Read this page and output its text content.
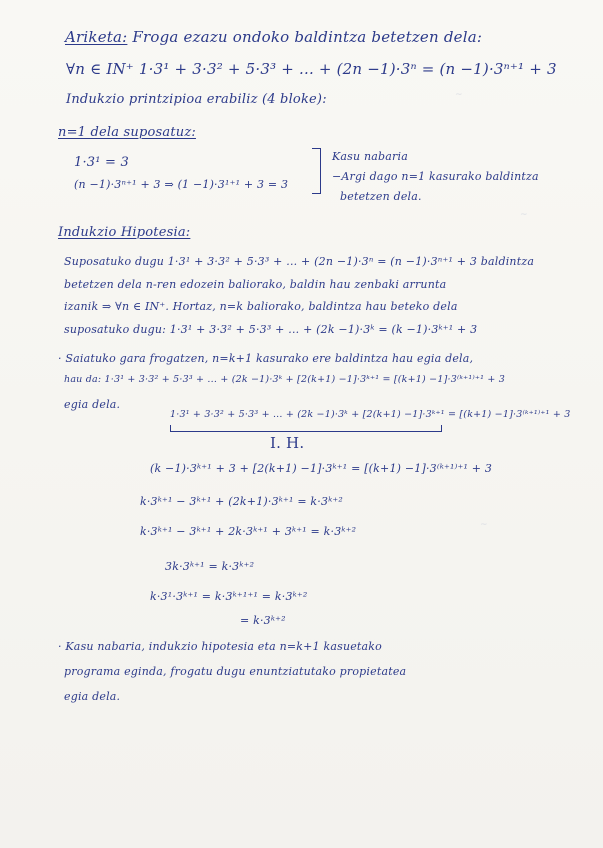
~
~
~
Ariketa: Froga ezazu ondoko baldintza betetzen dela:
∀n ∈ IN⁺ 1·3¹ + 3·3² + 5·3³ + ... + (2n −1)·3ⁿ = (n −1)·3ⁿ⁺¹ + 3
Indukzio printzipioa erabiliz (4 bloke):
n=1 dela suposatuz:
1·3¹ = 3
(n −1)·3ⁿ⁺¹ + 3 ⇒ (1 −1)·3¹⁺¹ + 3 = 3
Kasu nabaria
−Argi dago n=1 kasurako baldintza
betetzen dela.
Indukzio Hipotesia:
Suposatuko dugu 1·3¹ + 3·3² + 5·3³ + ... + (2n −1)·3ⁿ = (n −1)·3ⁿ⁺¹ + 3 baldintza
betetzen dela n-ren edozein baliorako, baldin hau zenbaki arrunta
izanik ⇒ ∀n ∈ IN⁺. Hortaz, n=k baliorako, baldintza hau beteko dela
suposatuko dugu: 1·3¹ + 3·3² + 5·3³ + ... + (2k −1)·3ᵏ = (k −1)·3ᵏ⁺¹ + 3
· Saiatuko gara frogatzen, n=k+1 kasurako ere baldintza hau egia dela,
hau da: 1·3¹ + 3·3² + 5·3³ + ... + (2k −1)·3ᵏ + [2(k+1) −1]·3ᵏ⁺¹ = [(k+1) −1]·3⁽ᵏ⁺¹⁾⁺¹ + 3
egia dela.
1·3¹ + 3·3² + 5·3³ + ... + (2k −1)·3ᵏ + [2(k+1) −1]·3ᵏ⁺¹ = [(k+1) −1]·3⁽ᵏ⁺¹⁾⁺¹ + 3
I. H.
(k −1)·3ᵏ⁺¹ + 3 + [2(k+1) −1]·3ᵏ⁺¹ = [(k+1) −1]·3⁽ᵏ⁺¹⁾⁺¹ + 3
k·3ᵏ⁺¹ − 3ᵏ⁺¹ + (2k+1)·3ᵏ⁺¹ = k·3ᵏ⁺²
k·3ᵏ⁺¹ − 3ᵏ⁺¹ + 2k·3ᵏ⁺¹ + 3ᵏ⁺¹ = k·3ᵏ⁺²
3k·3ᵏ⁺¹ = k·3ᵏ⁺²
k·3¹·3ᵏ⁺¹ = k·3ᵏ⁺¹⁺¹ = k·3ᵏ⁺²
= k·3ᵏ⁺²
· Kasu nabaria, indukzio hipotesia eta n=k+1 kasuetako
programa eginda, frogatu dugu enuntziatutako propietatea
egia dela.
